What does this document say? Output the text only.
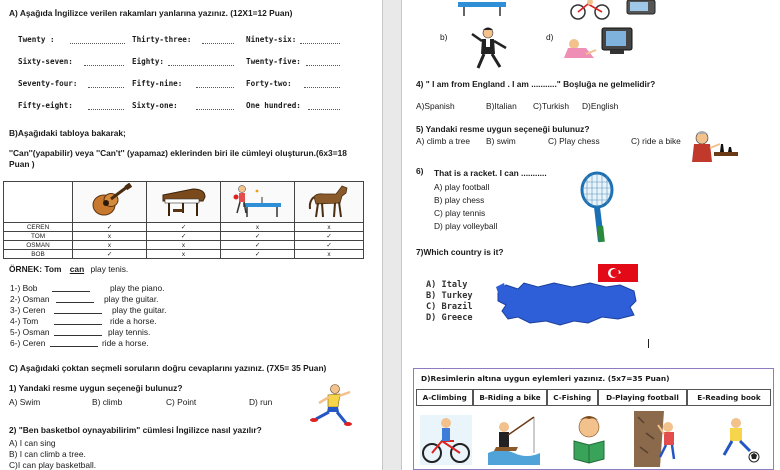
A) Aşağıda İngilizce verilen rakamları yanlarına yazınız. (12X1=12 Puan)
Twenty :	Thirty-three:	Ninety-six:
Sixty-seven:	Eighty:	Twenty-five:
Seventy-four:	Fifty-nine:	Forty-two:
Fifty-eight:	Sixty-one:	One hundred:
B)Aşağıdaki tabloya bakarak;
''Can''(yapabilir) veya ''Can't'' (yapamaz) eklerinden biri ile cümleyi oluşturun.(6x3=18
Puan )

CEREN	✓	✓	x	x
TOM	x	✓	✓	✓
OSMAN	x	x	✓	✓
BOB	✓	x	✓	x
ÖRNEK: Tom can play tenis.
1-) Bob	play the piano.
2-) Osman	play the guitar.
3-) Ceren	play the guitar.
4-) Tom	ride a horse.
5-) Osman	play tennis.
6-) Ceren	ride a horse.
C) Aşağıdaki çoktan seçmeli soruların doğru cevaplarını yazınız. (7X5= 35 Puan)
1) Yandaki resme uygun seçeneği bulunuz?
A) Swim	B) climb	C) Point	D) run
2) "Ben basketbol oynayabilirim" cümlesi İngilizce nasıl yazılır?
A) I can sing
B) I can climb a tree.
C)I can play basketball.
b)	d)
4) " I am from England . I am ..........." Boşluğa ne gelmelidir?
A)Spanish	B)Italian C)Turkish D)English
5) Yandaki resme uygun seçeneği bulunuz?
A) climb a tree B) swim	C) Play chess	C) ride a bike
6) That is a racket. I can ...........
A) play football
B) play chess
C) play tennis
D) play volleyball
7)Which country is it?
A) Italy
B) Turkey
C) Brazil
D) Greece
D)Resimlerin altına uygun eylemleri yazınız. (5x7=35 Puan)
A-Climbing	B-Riding a bike	C-Fishing	D-Playing football	E-Reading book
